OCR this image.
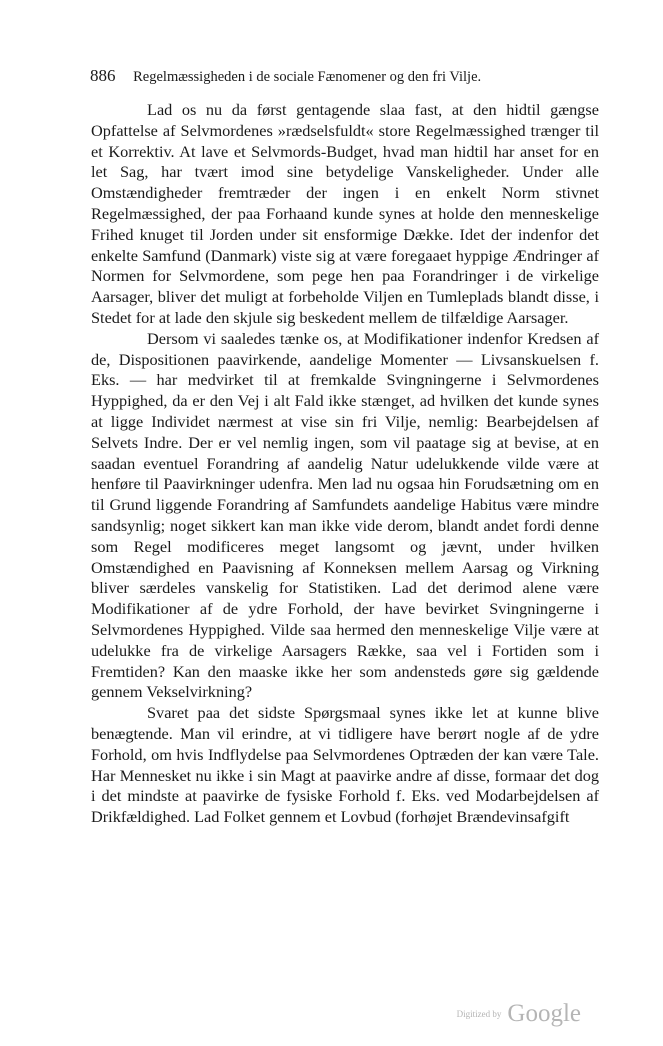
886 Regelmæssigheden i de sociale Fænomener og den fri Vilje.

Lad os nu da først gentagende slaa fast, at den hidtil gængse Opfattelse af Selvmordenes »rædselsfuldt« store Regelmæssighed trænger til et Korrektiv. At lave et Selvmords-Budget, hvad man hidtil har anset for en let Sag, har tvært imod sine betydelige Vanskeligheder. Under alle Omstændigheder fremtræder der ingen i en enkelt Norm stivnet Regelmæssighed, der paa Forhaand kunde synes at holde den menneskelige Frihed knuget til Jorden under sit ensformige Dække. Idet der indenfor det enkelte Samfund (Danmark) viste sig at være foregaaet hyppige Ændringer af Normen for Selvmordene, som pege hen paa Forandringer i de virkelige Aarsager, bliver det muligt at forbeholde Viljen en Tumleplads blandt disse, i Stedet for at lade den skjule sig beskedent mellem de tilfældige Aarsager.

Dersom vi saaledes tænke os, at Modifikationer indenfor Kredsen af de, Dispositionen paavirkende, aandelige Momenter — Livsanskuelsen f. Eks. — har medvirket til at fremkalde Svingningerne i Selvmordenes Hyppighed, da er den Vej i alt Fald ikke stænget, ad hvilken det kunde synes at ligge Individet nærmest at vise sin fri Vilje, nemlig: Bearbejdelsen af Selvets Indre. Der er vel nemlig ingen, som vil paatage sig at bevise, at en saadan eventuel Forandring af aandelig Natur udelukkende vilde være at henføre til Paavirkninger udenfra. Men lad nu ogsaa hin Forudsætning om en til Grund liggende Forandring af Samfundets aandelige Habitus være mindre sandsynlig; noget sikkert kan man ikke vide derom, blandt andet fordi denne som Regel modificeres meget langsomt og jævnt, under hvilken Omstændighed en Paavisning af Konneksen mellem Aarsag og Virkning bliver særdeles vanskelig for Statistiken. Lad det derimod alene være Modifikationer af de ydre Forhold, der have bevirket Svingningerne i Selvmordenes Hyppighed. Vilde saa hermed den menneskelige Vilje være at udelukke fra de virkelige Aarsagers Række, saa vel i Fortiden som i Fremtiden? Kan den maaske ikke her som andensteds gøre sig gældende gennem Vekselvirkning?

Svaret paa det sidste Spørgsmaal synes ikke let at kunne blive benægtende. Man vil erindre, at vi tidligere have berørt nogle af de ydre Forhold, om hvis Indflydelse paa Selvmordenes Optræden der kan være Tale. Har Mennesket nu ikke i sin Magt at paavirke andre af disse, formaar det dog i det mindste at paavirke de fysiske Forhold f. Eks. ved Modarbejdelsen af Drikfældighed. Lad Folket gennem et Lovbud (forhøjet Brændevinsafgift

Digitized by Google
